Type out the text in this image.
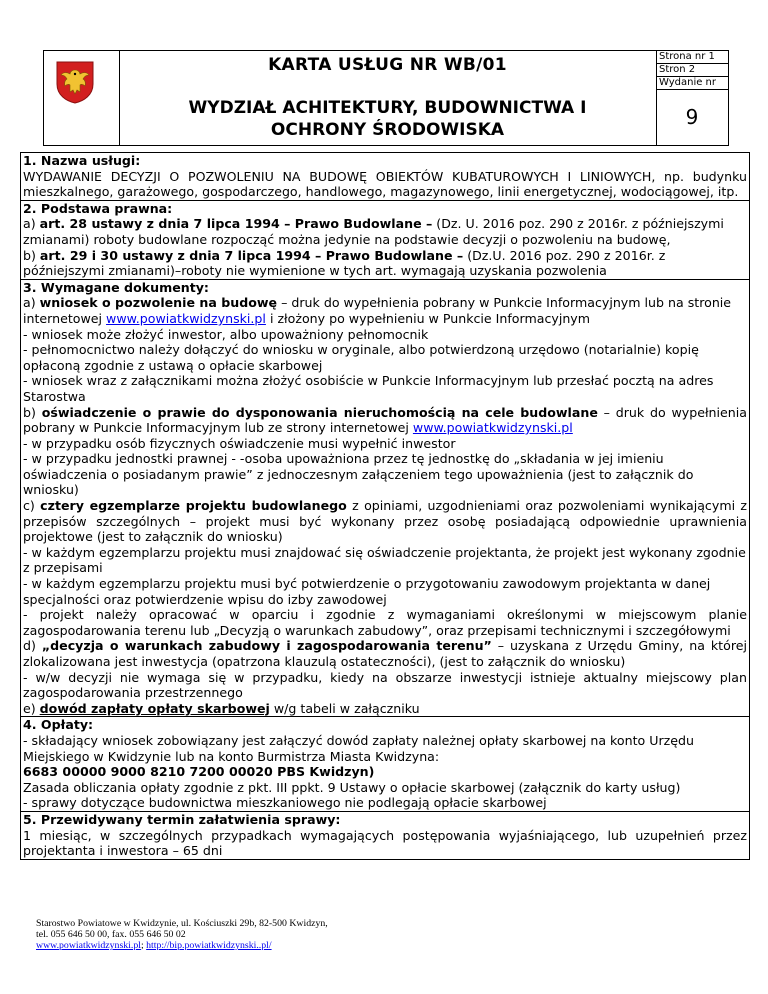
KARTA USŁUG NR WB/01
WYDZIAŁ ACHITEKTURY, BUDOWNICTWA I
OCHRONY ŚRODOWISKA
Strona nr 1
Stron 2
Wydanie nr
9

1. Nazwa usługi:

WYDAWANIE DECYZJI O POZWOLENIU NA BUDOWĘ OBIEKTÓW KUBATUROWYCH I LINIOWYCH, np. budynku mieszkalnego, garażowego, gospodarczego, handlowego, magazynowego, linii energetycznej, wodociągowej, itp.

2. Podstawa prawna:

a) art. 28 ustawy z dnia 7 lipca 1994 – Prawo Budowlane – (Dz. U. 2016 poz. 290 z 2016r. z późniejszymi zmianami) roboty budowlane rozpocząć można jedynie na podstawie decyzji o pozwoleniu na budowę,

b) art. 29 i 30 ustawy z dnia 7 lipca 1994 – Prawo Budowlane – (Dz.U. 2016 poz. 290 z 2016r. z późniejszymi zmianami)–roboty nie wymienione w tych art. wymagają uzyskania pozwolenia

3. Wymagane dokumenty:

a) wniosek o pozwolenie na budowę – druk do wypełnienia pobrany w Punkcie Informacyjnym lub na stronie internetowej www.powiatkwidzynski.pl i złożony po wypełnieniu w Punkcie Informacyjnym

- wniosek może złożyć inwestor, albo upoważniony pełnomocnik

- pełnomocnictwo należy dołączyć do wniosku w oryginale, albo potwierdzoną urzędowo (notarialnie) kopię opłaconą zgodnie z ustawą o opłacie skarbowej

- wniosek wraz z załącznikami można złożyć osobiście w Punkcie Informacyjnym lub przesłać pocztą na adres Starostwa

b) oświadczenie o prawie do dysponowania nieruchomością na cele budowlane – druk do wypełnienia pobrany w Punkcie Informacyjnym lub ze strony internetowej www.powiatkwidzynski.pl

- w przypadku osób fizycznych oświadczenie musi wypełnić inwestor

- w przypadku jednostki prawnej - -osoba upoważniona przez tę jednostkę do „składania w jej imieniu oświadczenia o posiadanym prawie” z jednoczesnym załączeniem tego upoważnienia (jest to załącznik do wniosku)

c) cztery egzemplarze projektu budowlanego z opiniami, uzgodnieniami oraz pozwoleniami wynikającymi z przepisów szczególnych – projekt musi być wykonany przez osobę posiadającą odpowiednie uprawnienia projektowe (jest to załącznik do wniosku)

- w każdym egzemplarzu projektu musi znajdować się oświadczenie projektanta, że projekt jest wykonany zgodnie z przepisami

- w każdym egzemplarzu projektu musi być potwierdzenie o przygotowaniu zawodowym projektanta w danej specjalności oraz potwierdzenie wpisu do izby zawodowej

- projekt należy opracować w oparciu i zgodnie z wymaganiami określonymi w miejscowym planie zagospodarowania terenu lub „Decyzją o warunkach zabudowy”, oraz przepisami technicznymi i szczegółowymi

d) „decyzja o warunkach zabudowy i zagospodarowania terenu” – uzyskana z Urzędu Gminy, na której zlokalizowana jest inwestycja (opatrzona klauzulą ostateczności), (jest to załącznik do wniosku)

- w/w decyzji nie wymaga się w przypadku, kiedy na obszarze inwestycji istnieje aktualny miejscowy plan zagospodarowania przestrzennego

e) dowód zapłaty opłaty skarbowej w/g tabeli w załączniku

4. Opłaty:

- składający wniosek zobowiązany jest załączyć dowód zapłaty należnej opłaty skarbowej na konto Urzędu Miejskiego w Kwidzynie lub na konto Burmistrza Miasta Kwidzyna:

6683 00000 9000 8210 7200 00020 PBS Kwidzyn)

Zasada obliczania opłaty zgodnie z pkt. III ppkt. 9 Ustawy o opłacie skarbowej (załącznik do karty usług)

- sprawy dotyczące budownictwa mieszkaniowego nie podlegają opłacie skarbowej

5. Przewidywany termin załatwienia sprawy:

1 miesiąc, w szczególnych przypadkach wymagających postępowania wyjaśniającego, lub uzupełnień przez projektanta i inwestora – 65 dni

Starostwo Powiatowe w Kwidzynie, ul. Kościuszki 29b, 82-500 Kwidzyn,
tel. 055 646 50 00, fax. 055 646 50 02
www.powiatkwidzynski.pl; http://bip.powiatkwidzynski..pl/
